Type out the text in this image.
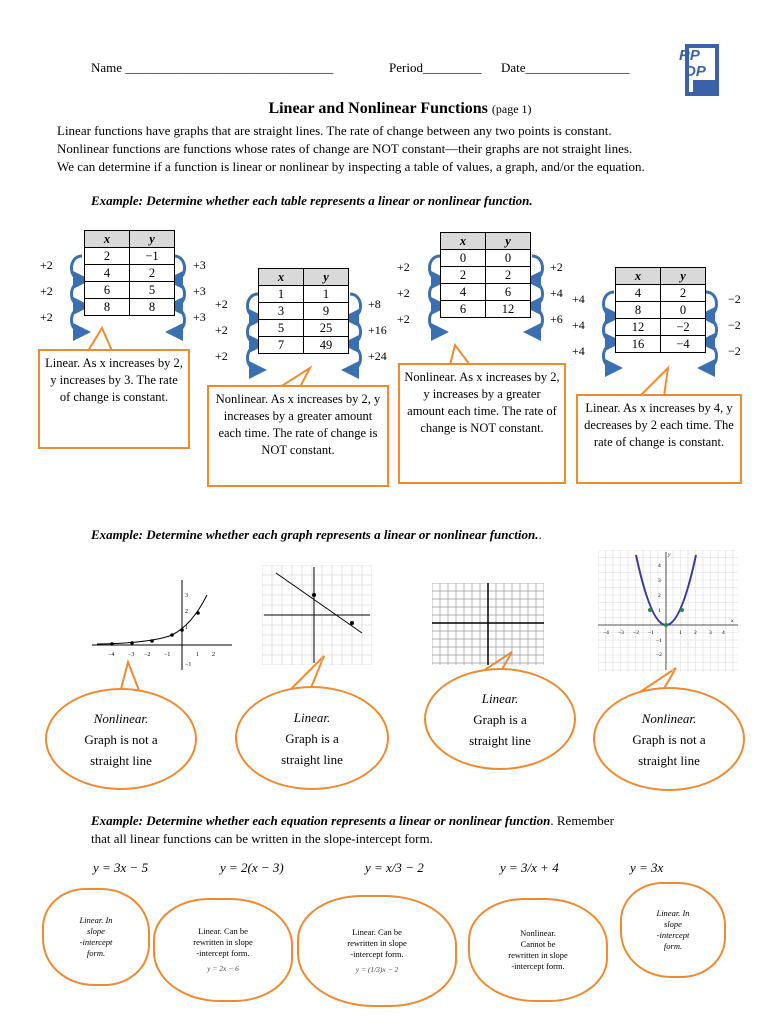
Name ________________________________	Period_________ Date________________
RP
DP
Linear and Nonlinear Functions (page 1)
Linear functions have graphs that are straight lines. The rate of change between any two points is constant.
Nonlinear functions are functions whose rates of change are NOT constant—their graphs are not straight lines.
We can determine if a function is linear or nonlinear by inspecting a table of values, a graph, and/or the equation.
Example: Determine whether each table represents a linear or nonlinear function.
x	y
2	−1
4	2
6	5
8	8
x	y
1	1
3	9
5	25
7	49
x	y
0	0
2	2
4	6
6	12
x	y
4	2
8	0
12	−2
16	−4
+2
+2
+2
+3
+3
+3
+2
+2
+2
+8
+16
+24
+2
+2
+2
+2
+4
+6
+4
+4
+4
−2
−2
−2
Linear. As x increases by 2, y increases by 3. The rate of change is constant.	Nonlinear. As x increases by 2, y increases by a greater amount each time. The rate of change is NOT constant.
Nonlinear. As x increases by 2, y increases by a greater amount each time. The rate of change is NOT constant.
Linear. As x increases by 4, y decreases by 2 each time. The rate of change is constant.
Example: Determine whether each graph represents a linear or nonlinear function..
−4 −3 −2 −1	1 2
3
2
1
−1
−4 −3 −2 −1	1 2 3 4
4
3
2
1
−1
−2
y
x
Nonlinear.
Graph is not a
straight line
Linear.
Graph is a
straight line
Linear.
Graph is a
straight line
Nonlinear.
Graph is not a
straight line
Example: Determine whether each equation represents a linear or nonlinear function. Remember
that all linear functions can be written in the slope-intercept form.
y = 3x − 5	y = 2(x − 3)	y = x/3 − 2	y = 3/x + 4	y = 3x
Linear. In
slope
-intercept
form.
Linear. Can be
rewritten in slope
-intercept form.
y = 2x − 6
Linear. Can be
rewritten in slope
-intercept form.
y = (1/3)x − 2
Nonlinear.
Cannot be
rewritten in slope
-intercept form.
Linear. In
slope
-intercept
form.
